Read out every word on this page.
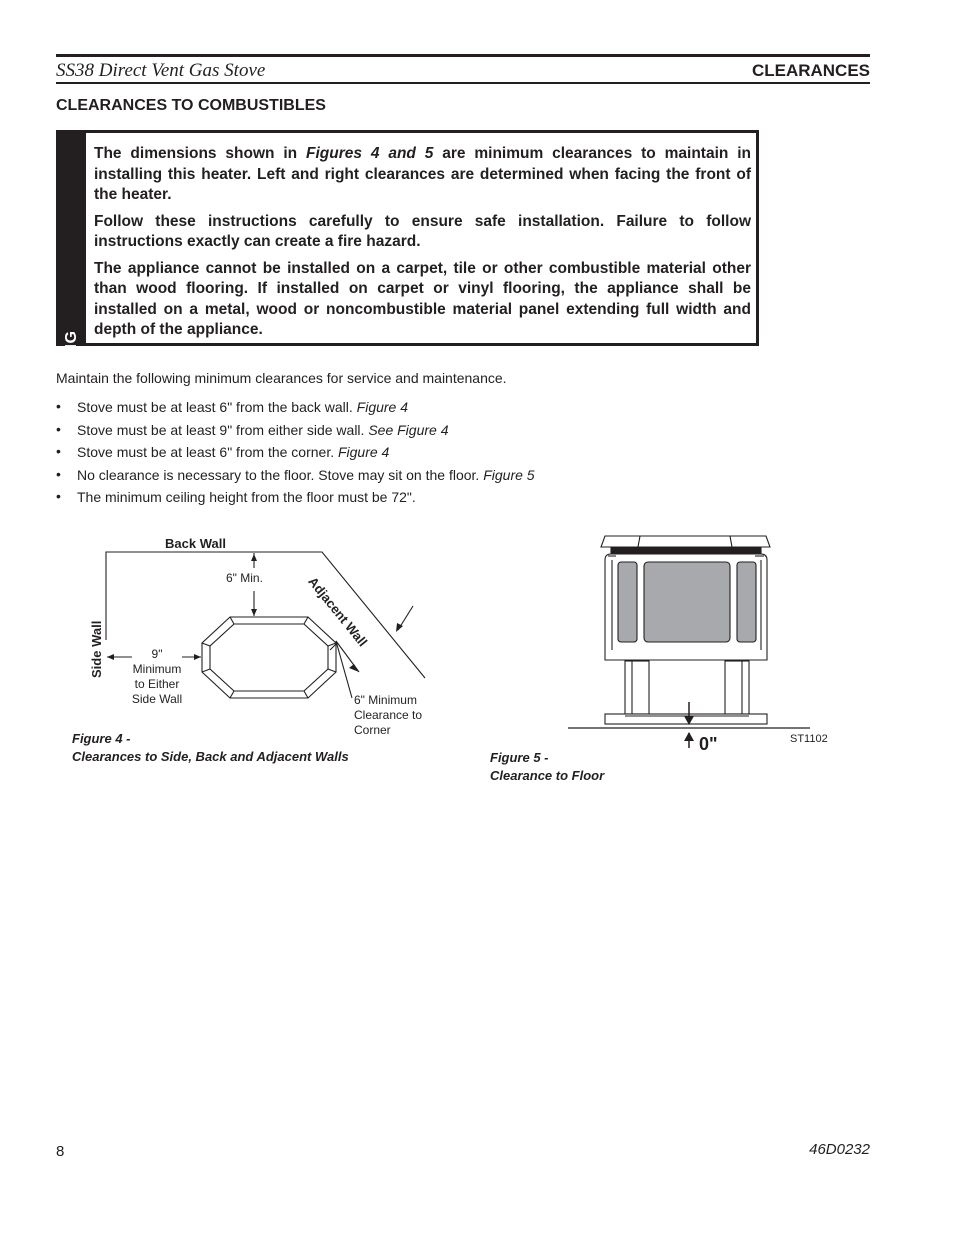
SS38 Direct Vent Gas Stove	CLEARANCES
CLEARANCES TO COMBUSTIBLES
WARNING

The dimensions shown in Figures 4 and 5 are minimum clearances to maintain in installing this heater. Left and right clearances are determined when facing the front of the heater.

Follow these instructions carefully to ensure safe installation. Failure to follow instructions exactly can create a fire hazard.

The appliance cannot be installed on a carpet, tile or other combustible material other than wood flooring. If installed on carpet or vinyl flooring, the appliance shall be installed on a metal, wood or noncombustible material panel extending full width and depth of the appliance.

Maintain the following minimum clearances for service and maintenance.
• Stove must be at least 6" from the back wall. Figure 4
• Stove must be at least 9" from either side wall. See Figure 4
• Stove must be at least 6" from the corner. Figure 4
• No clearance is necessary to the floor. Stove may sit on the floor. Figure 5
• The minimum ceiling height from the floor must be 72".
Back Wall
Adjacent Wall
Side Wall
6" Min.
9"
Minimum
to Either
Side Wall	6" Minimum
Clearance to
Corner
Figure 4 -
Clearances to Side, Back and Adjacent Walls
0"	ST1102
Figure 5 -
Clearance to Floor
8	46D0232
